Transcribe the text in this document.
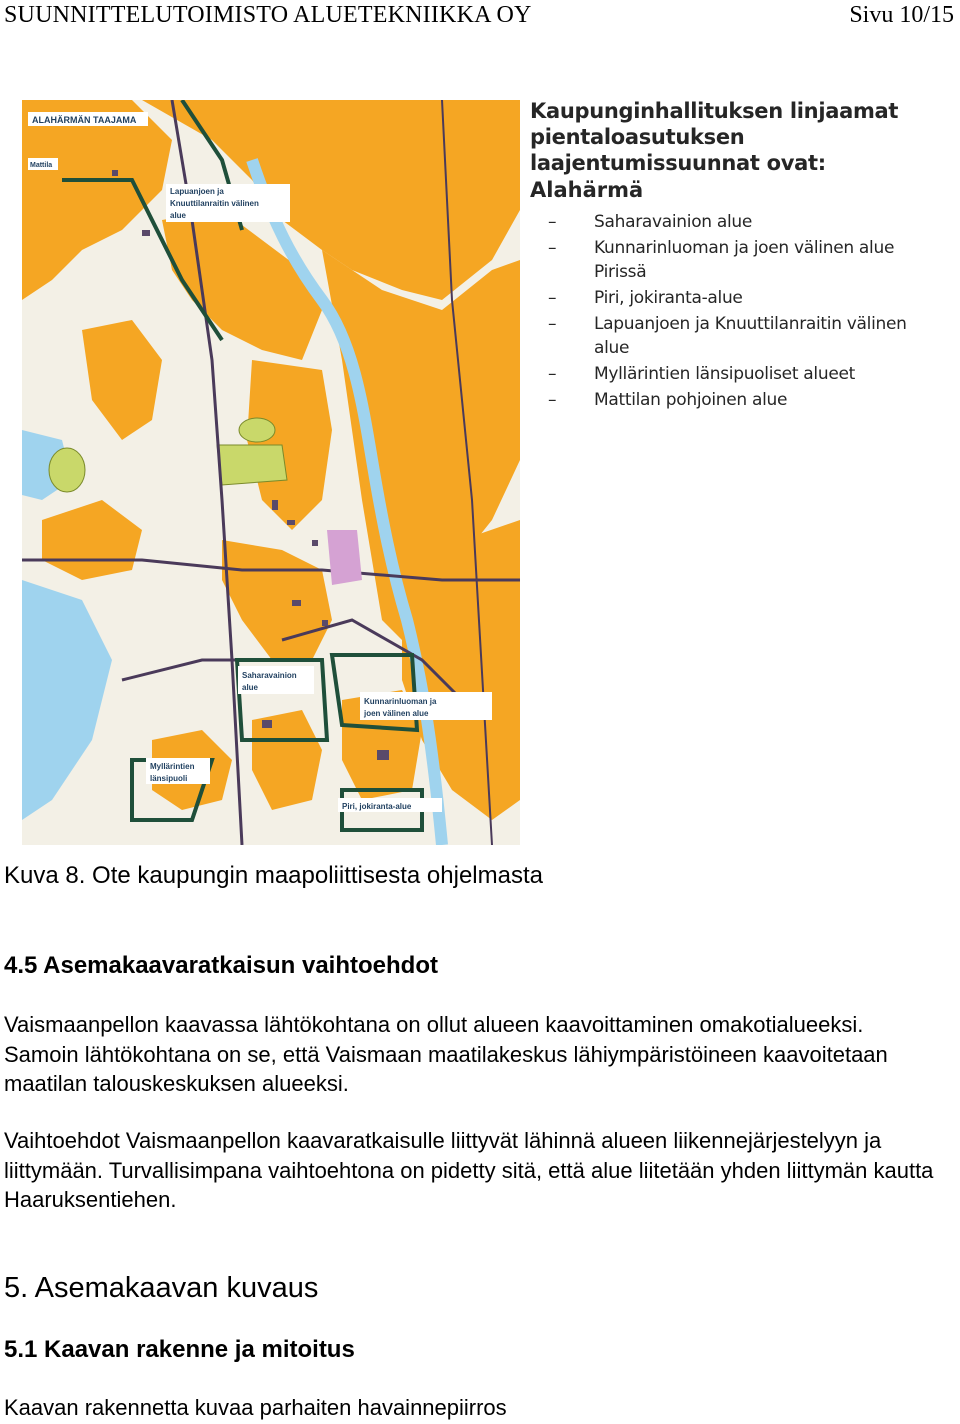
SUUNNITTELUTOIMISTO ALUETEKNIIKKA OY	Sivu 10/15
ALAHÄRMÄN TAAJAMA
Mattila
Lapuanjoen ja
Knuuttilanraitin välinen
alue
Saharavainion
alue
Kunnarinluoman ja
joen välinen alue
Myllärintien
länsipuoli
Piri, jokiranta-alue
Kaupunginhallituksen linjaamat
pientaloasutuksen
laajentumissuunnat ovat:
Alahärmä
– Saharavainion alue
– Kunnarinluoman ja joen välinen alue Pirissä
– Piri, jokiranta-alue
– Lapuanjoen ja Knuuttilanraitin välinen alue
– Myllärintien länsipuoliset alueet
– Mattilan pohjoinen alue
Kuva 8. Ote kaupungin maapoliittisesta ohjelmasta
4.5 Asemakaavaratkaisun vaihtoehdot

Vaismaanpellon kaavassa lähtökohtana on ollut alueen kaavoittaminen omakotialueeksi. Samoin lähtökohtana on se, että Vaismaan maatilakeskus lähiympäristöineen kaavoitetaan maatilan talouskeskuksen alueeksi.

Vaihtoehdot Vaismaanpellon kaavaratkaisulle liittyvät lähinnä alueen liikennejärjestelyyn ja liittymään. Turvallisimpana vaihtoehtona on pidetty sitä, että alue liitetään yhden liittymän kautta Haaruksentiehen.

5. Asemakaavan kuvaus
5.1 Kaavan rakenne ja mitoitus

Kaavan rakennetta kuvaa parhaiten havainnepiirros
